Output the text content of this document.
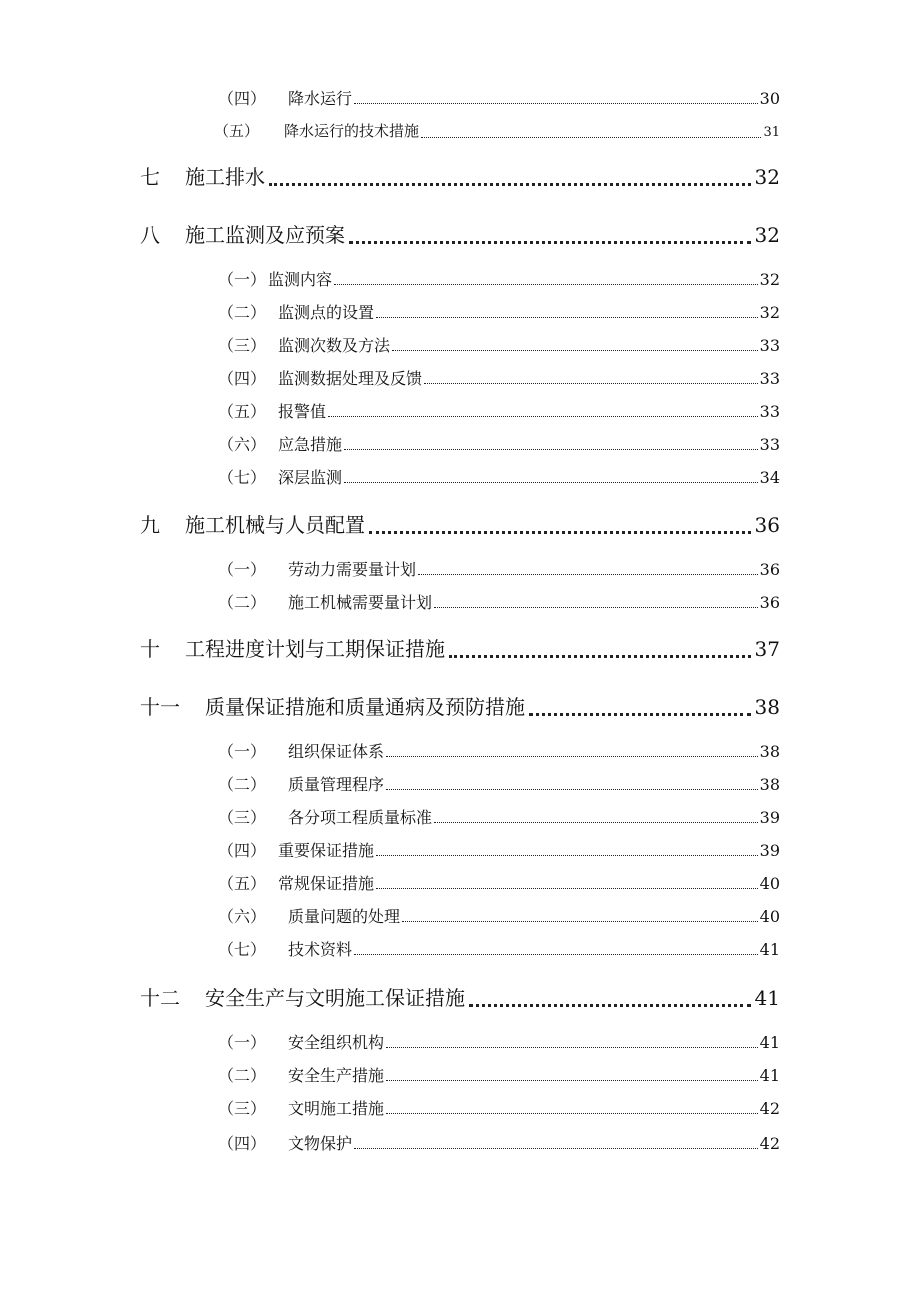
（四）	降水运行	30
（五）	降水运行的技术措施	31
七	施工排水	32
八	施工监测及应预案	32
（一） 监测内容	32
（二） 监测点的设置	32
（三） 监测次数及方法	33
（四） 监测数据处理及反馈	33
（五） 报警值	33
（六） 应急措施	33
（七） 深层监测	34
九	施工机械与人员配置	36
（一）	劳动力需要量计划	36
（二）	施工机械需要量计划	36
十	工程进度计划与工期保证措施	37
十一	质量保证措施和质量通病及预防措施	38
（一）	组织保证体系	38
（二）	质量管理程序	38
（三）	各分项工程质量标准	39
（四） 重要保证措施	39
（五） 常规保证措施	40
（六）	质量问题的处理	40
（七）	技术资料	41
十二	安全生产与文明施工保证措施	41
（一）	安全组织机构	41
（二）	安全生产措施	41
（三）	文明施工措施	42
（四）	文物保护	42
